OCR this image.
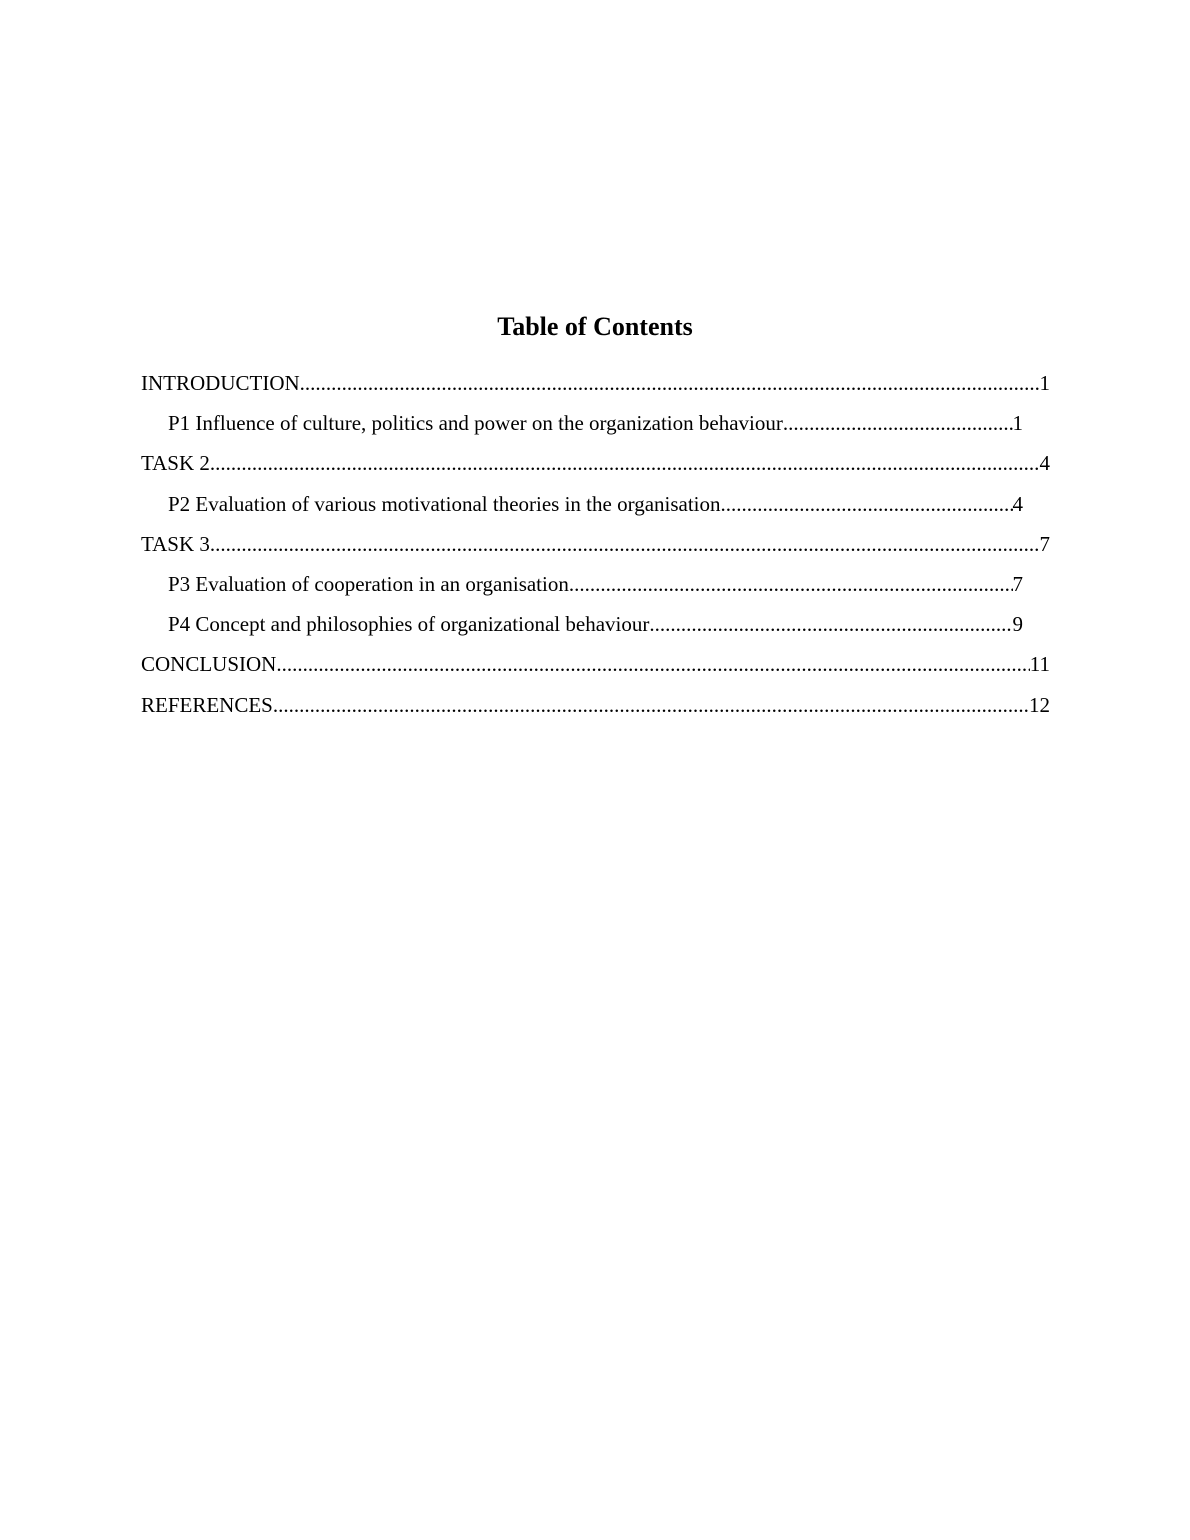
Table of Contents
INTRODUCTION .....	1
P1 Influence of culture, politics and power on the organization behaviour .....	1
TASK 2 .....	4
P2 Evaluation of various motivational theories in the organisation .....	4
TASK 3 .....	7
P3 Evaluation of cooperation in an organisation .....	7
P4 Concept and philosophies of organizational behaviour .....	9
CONCLUSION .....	11
REFERENCES .....	12
